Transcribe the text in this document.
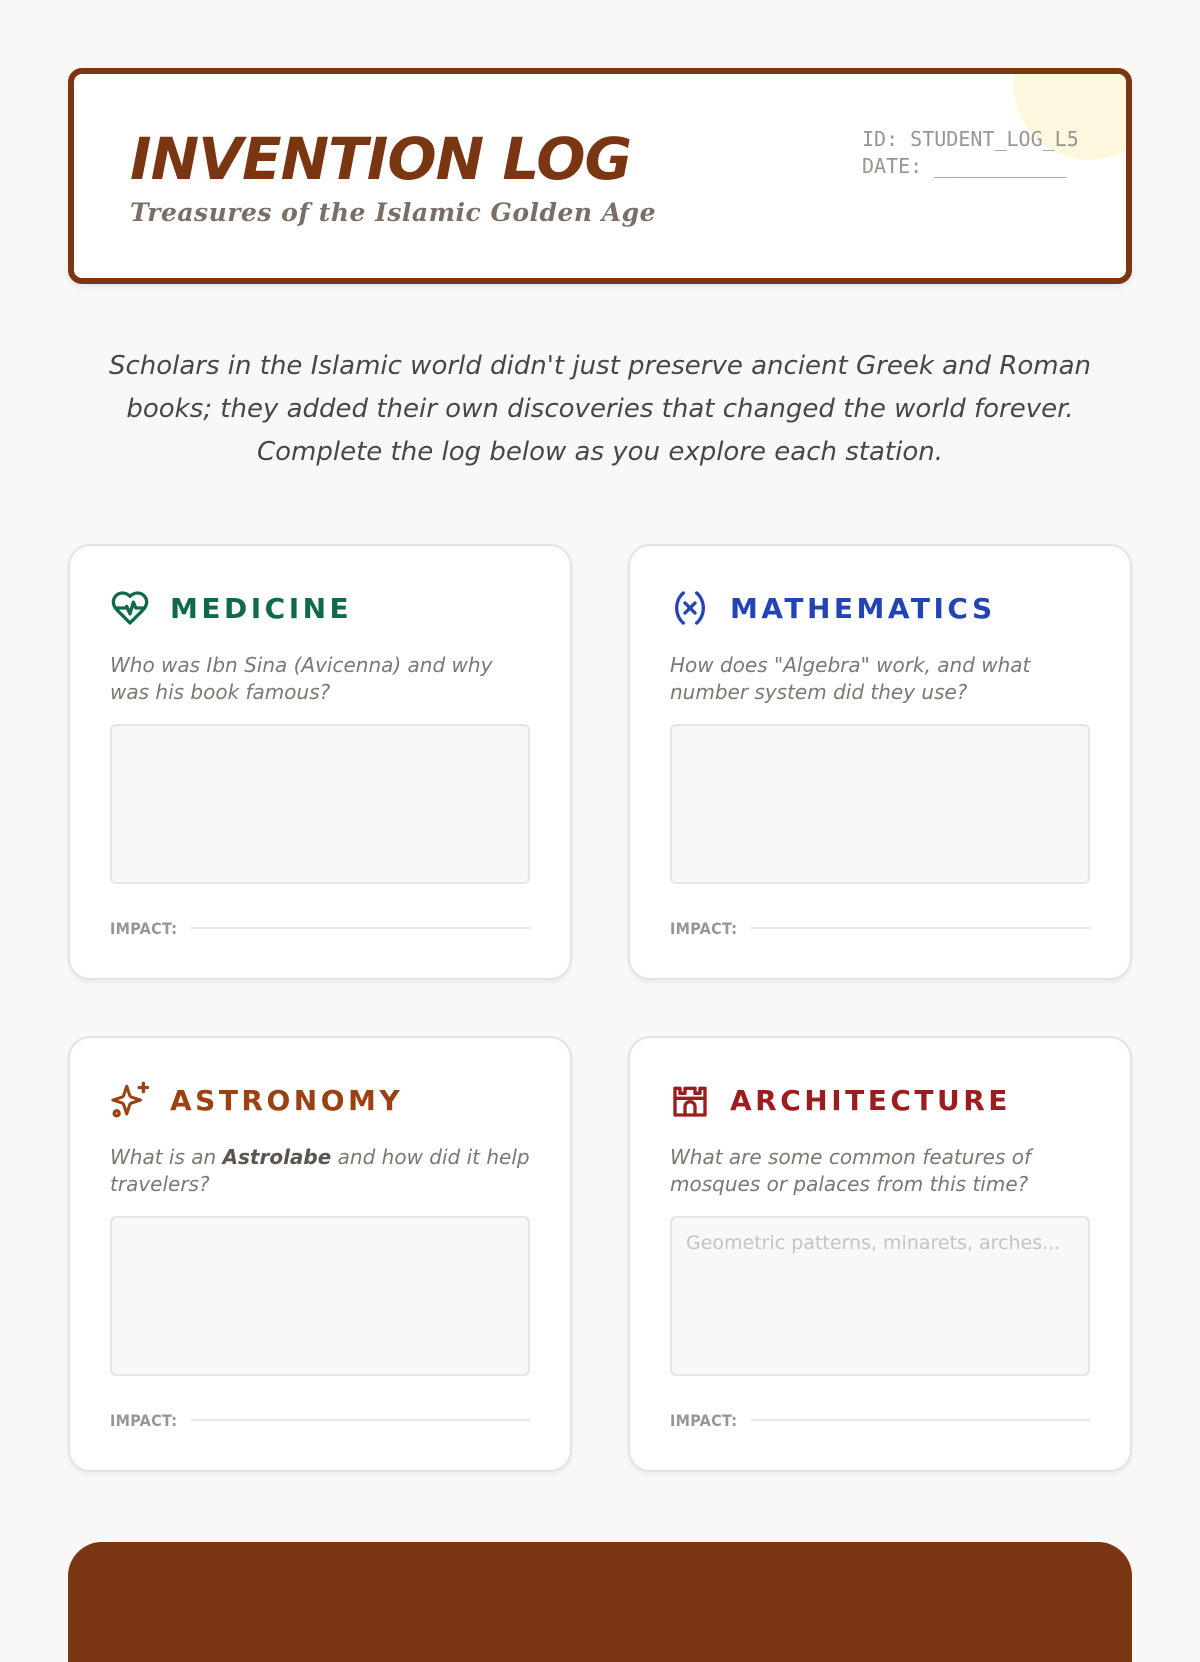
INVENTION LOG
Treasures of the Islamic Golden Age
ID: STUDENT_LOG_L5
DATE: ___________
Scholars in the Islamic world didn't just preserve ancient Greek and Roman books; they added their own discoveries that changed the world forever. Complete the log below as you explore each station.
MEDICINE
Who was Ibn Sina (Avicenna) and why was his book famous?
IMPACT:
MATHEMATICS
How does "Algebra" work, and what number system did they use?
IMPACT:
ASTRONOMY
What is an Astrolabe and how did it help travelers?
IMPACT:
ARCHITECTURE
What are some common features of mosques or palaces from this time?
Geometric patterns, minarets, arches...
IMPACT:
